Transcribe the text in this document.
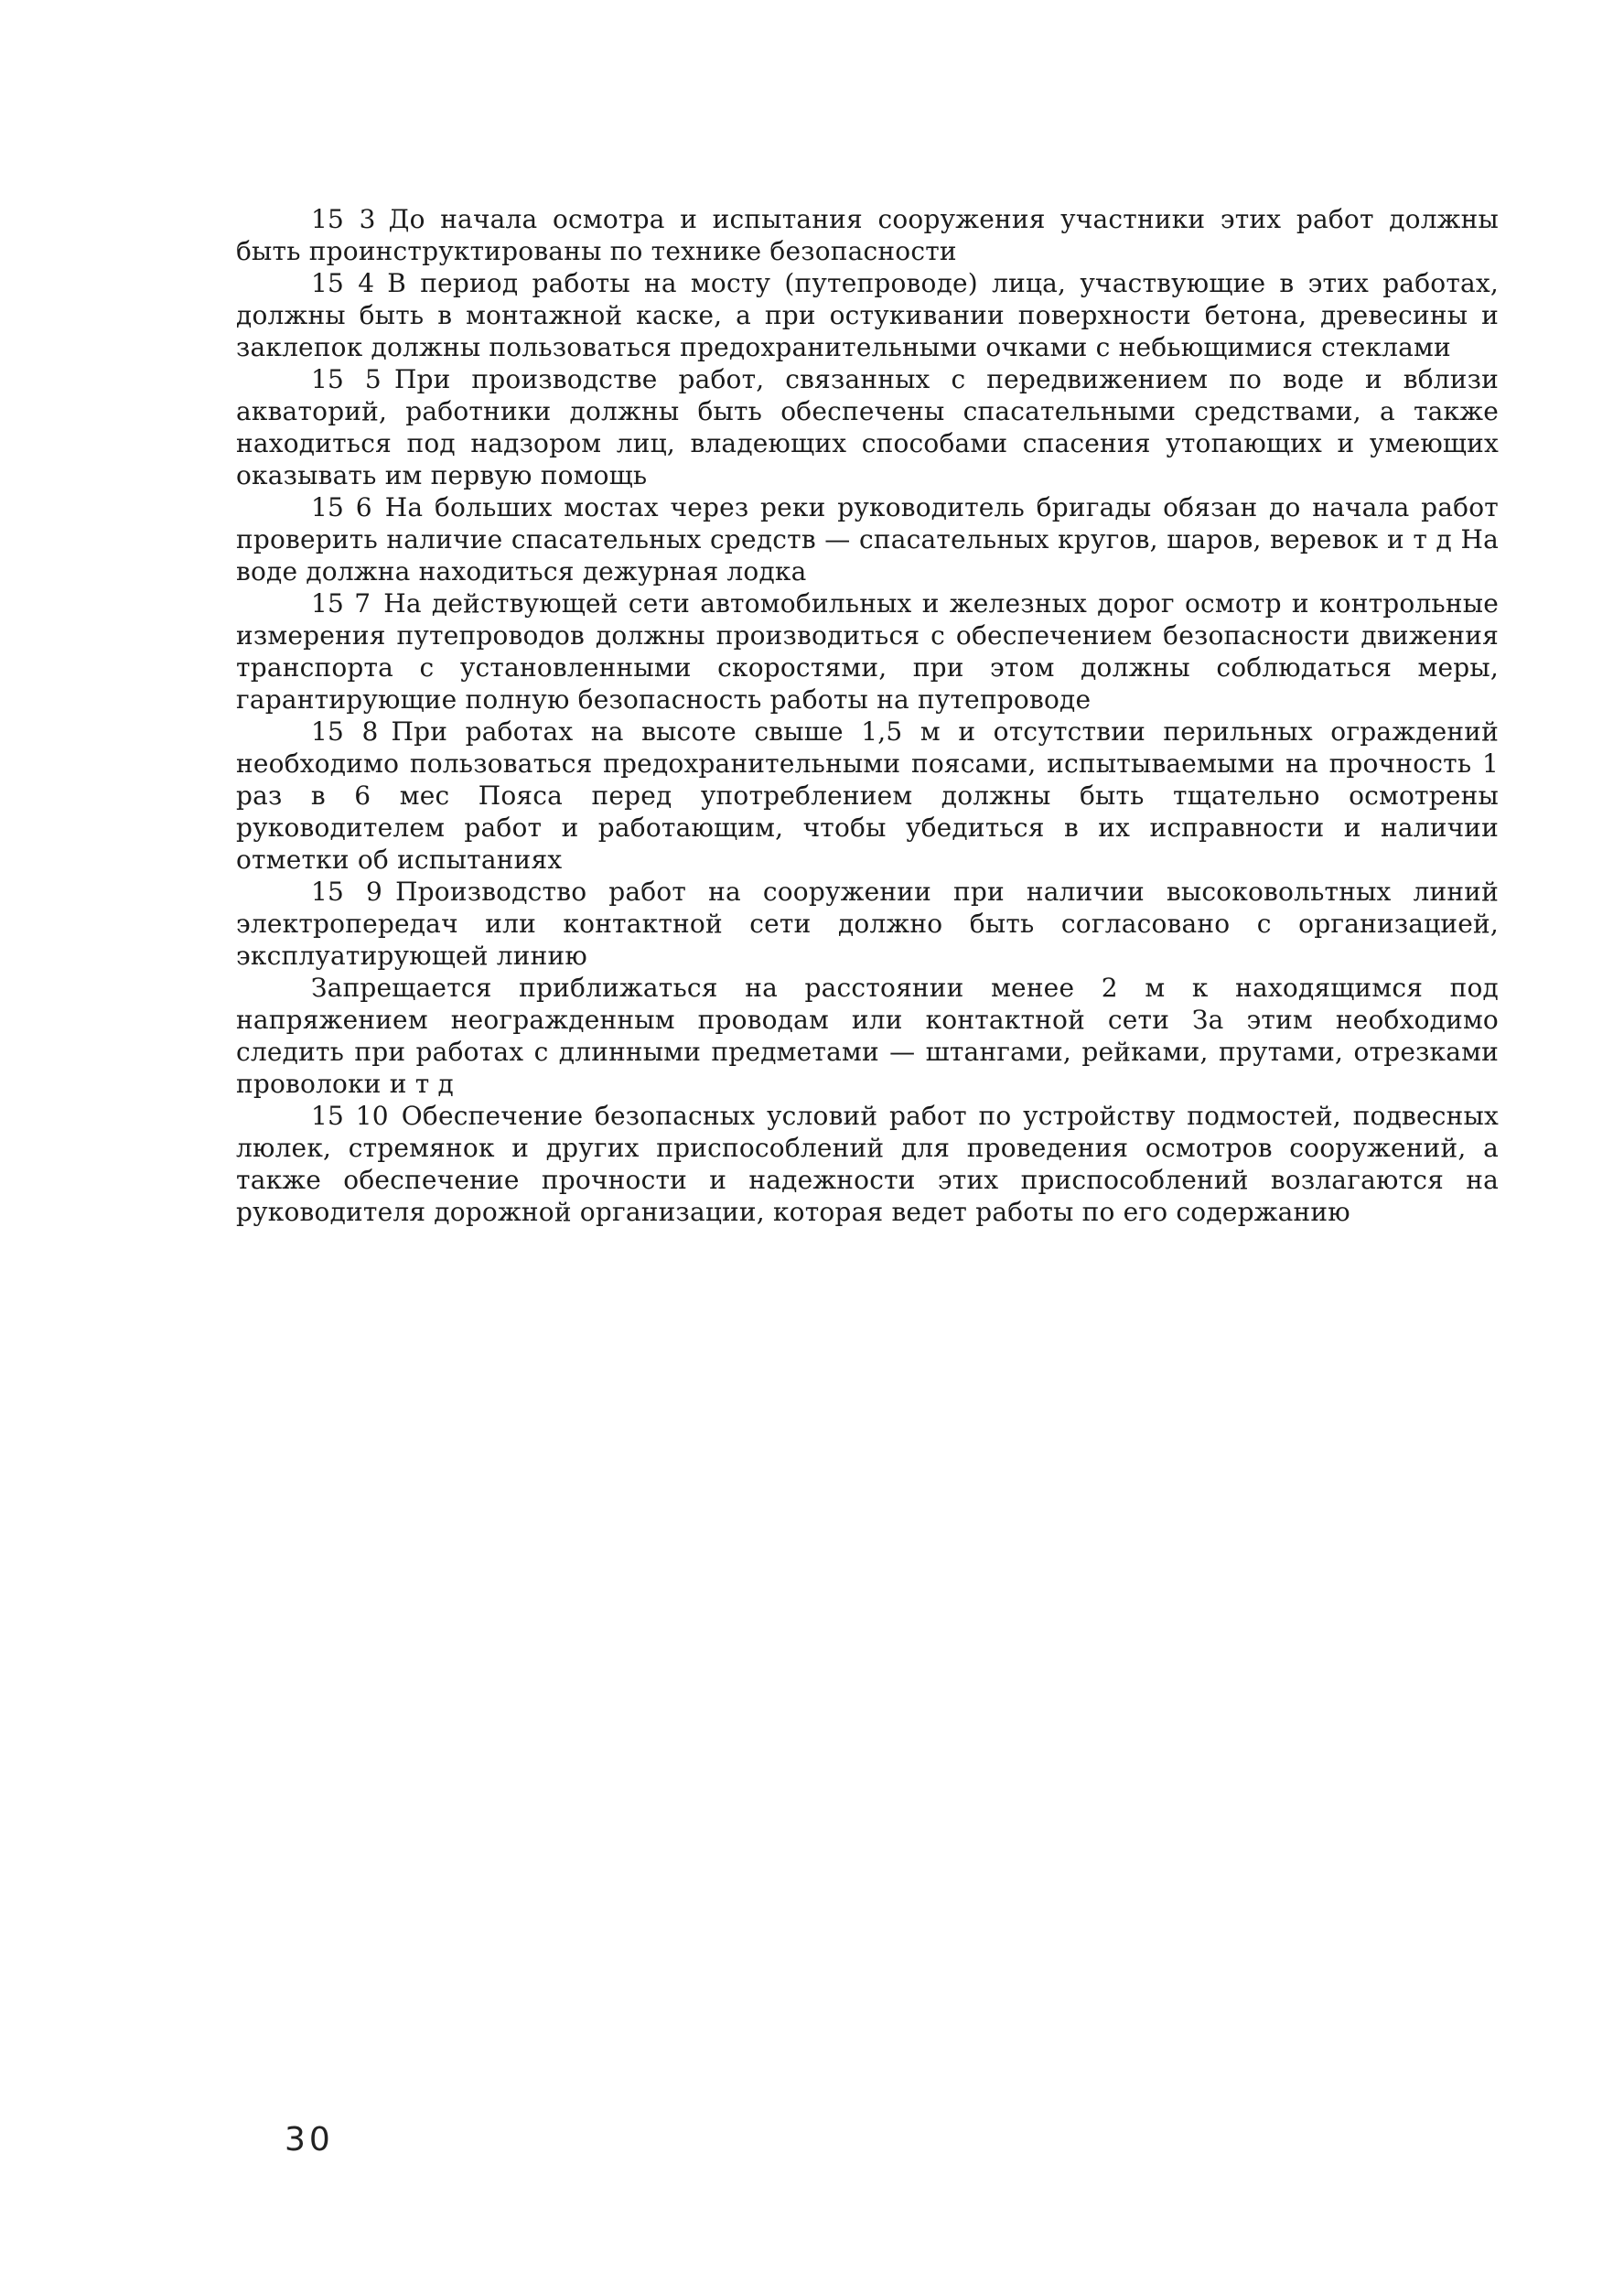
15 3 До начала осмотра и испытания сооружения участники этих работ должны быть проинструктированы по технике безопасности

15 4 В период работы на мосту (путепроводе) лица, участвующие в этих работах, должны быть в монтажной каске, а при остукивании поверхности бетона, древесины и заклепок должны пользоваться предохранительными очками с небьющимися стеклами

15 5 При производстве работ, связанных с передвижением по воде и вблизи акваторий, работники должны быть обеспечены спасательными средствами, а также находиться под надзором лиц, владеющих способами спасения утопающих и умеющих оказывать им первую помощь

15 6 На больших мостах через реки руководитель бригады обязан до начала работ проверить наличие спасательных средств — спасательных кругов, шаров, веревок и т д На воде должна находиться дежурная лодка

15 7 На действующей сети автомобильных и железных дорог осмотр и контрольные измерения путепроводов должны производиться с обеспечением безопасности движения транспорта с установленными скоростями, при этом должны соблюдаться меры, гарантирующие полную безопасность работы на путепроводе

15 8 При работах на высоте свыше 1,5 м и отсутствии перильных ограждений необходимо пользоваться предохранительными поясами, испытываемыми на прочность 1 раз в 6 мес Пояса перед употреблением должны быть тщательно осмотрены руководителем работ и работающим, чтобы убедиться в их исправности и наличии отметки об испытаниях

15 9 Производство работ на сооружении при наличии высоковольтных линий электропередач или контактной сети должно быть согласовано с организацией, эксплуатирующей линию

Запрещается приближаться на расстоянии менее 2 м к находящимся под напряжением неогражденным проводам или контактной сети За этим необходимо следить при работах с длинными предметами — штангами, рейками, прутами, отрезками проволоки и т д

15 10 Обеспечение безопасных условий работ по устройству подмостей, подвесных люлек, стремянок и других приспособлений для проведения осмотров сооружений, а также обеспечение прочности и надежности этих приспособлений возлагаются на руководителя дорожной организации, которая ведет работы по его содержанию

30
